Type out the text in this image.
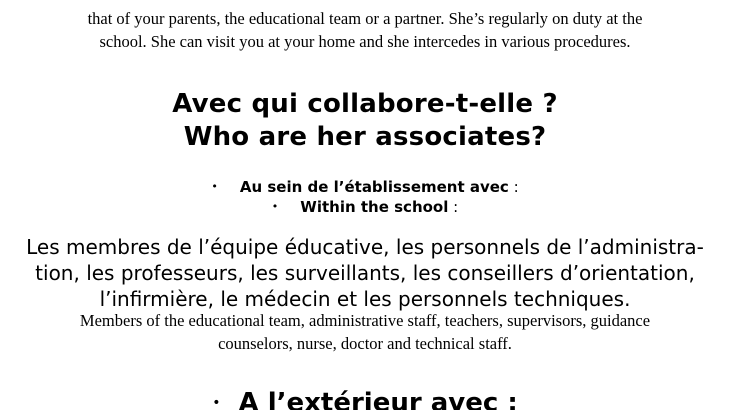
that of your parents, the educational team or a partner. She’s regularly on duty at the
school. She can visit you at your home and she intercedes in various procedures.
Avec qui collabore-t-elle ?
Who are her associates?
• Au sein de l’établissement avec :
• Within the school :
Les membres de l’équipe éducative, les personnels de l’administra-
tion, les professeurs, les surveillants, les conseillers d’orientation,
l’infirmière, le médecin et les personnels techniques.
Members of the educational team, administrative staff, teachers, supervisors, guidance
counselors, nurse, doctor and technical staff.
• A l’extérieur avec :
